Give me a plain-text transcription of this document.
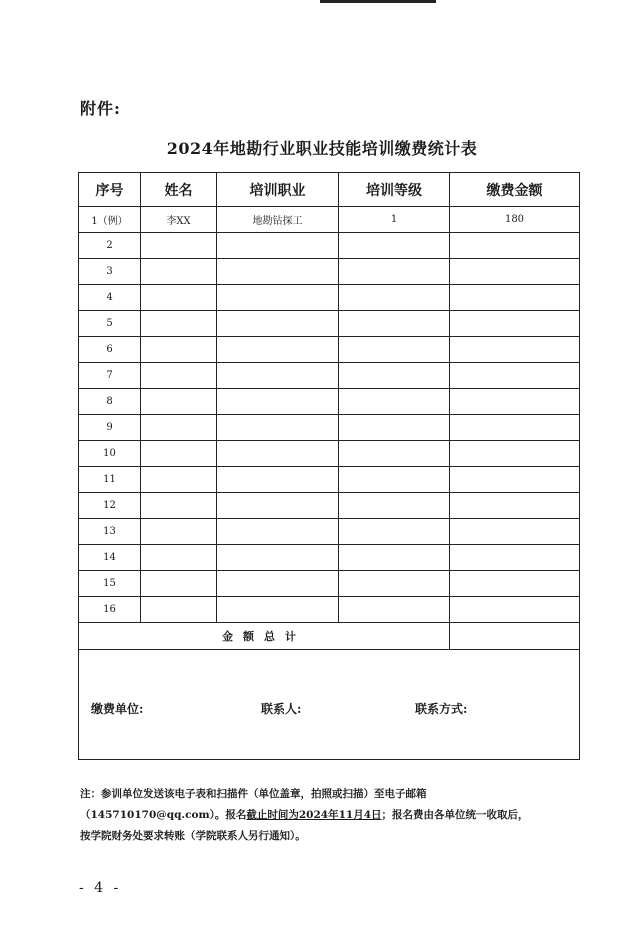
附件:
2024年地勘行业职业技能培训缴费统计表
序号	姓名	培训职业	培训等级	缴费金额
1（例）	李XX	地勘钻探工	1	180
2				
3				
4				
5				
6				
7				
8				
9				
10				
11				
12				
13				
14				
15				
16				
金额总计				

缴费单位: 联系人: 联系方式:				
注：参训单位发送该电子表和扫描件（单位盖章，拍照或扫描）至电子邮箱
（145710170@qq.com）。报名截止时间为2024年11月4日；报名费由各单位统一收取后，
按学院财务处要求转账（学院联系人另行通知）。
- 4 -
